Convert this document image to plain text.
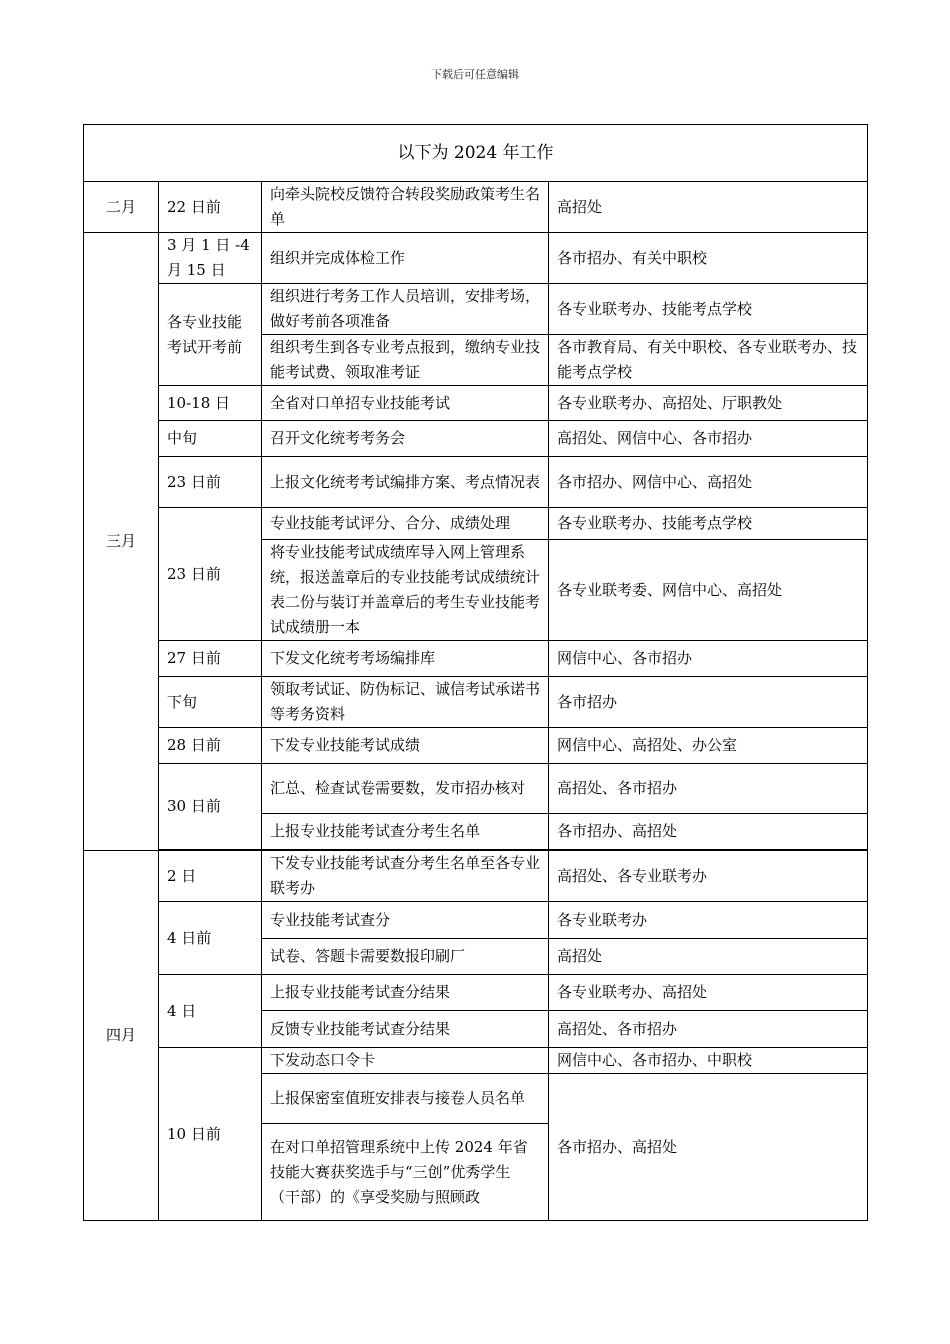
下载后可任意编辑
以下为 2024 年工作			
二月	22 日前	向牵头院校反馈符合转段奖励政策考生名单	高招处
三月	3 月 1 日 -4 月 15 日	组织并完成体检工作	各市招办、有关中职校
	各专业技能考试开考前	组织进行考务工作人员培训，安排考场，做好考前各项准备	各专业联考办、技能考点学校
		组织考生到各专业考点报到，缴纳专业技能考试费、领取准考证	各市教育局、有关中职校、各专业联考办、技能考点学校
	10-18 日	全省对口单招专业技能考试	各专业联考办、高招处、厅职教处
	中旬	召开文化统考考务会	高招处、网信中心、各市招办
	23 日前	上报文化统考考试编排方案、考点情况表	各市招办、网信中心、高招处
	23 日前	专业技能考试评分、合分、成绩处理	各专业联考办、技能考点学校
		将专业技能考试成绩库导入网上管理系统，报送盖章后的专业技能考试成绩统计表二份与装订并盖章后的考生专业技能考试成绩册一本	各专业联考委、网信中心、高招处
	27 日前	下发文化统考考场编排库	网信中心、各市招办
	下旬	领取考试证、防伪标记、诚信考试承诺书等考务资料	各市招办
	28 日前	下发专业技能考试成绩	网信中心、高招处、办公室
	30 日前	汇总、检查试卷需要数，发市招办核对	高招处、各市招办
		上报专业技能考试查分考生名单	各市招办、高招处

四月	2 日	下发专业技能考试查分考生名单至各专业联考办	高招处、各专业联考办
	4 日前	专业技能考试查分	各专业联考办
		试卷、答题卡需要数报印刷厂	高招处
	4 日	上报专业技能考试查分结果	各专业联考办、高招处
		反馈专业技能考试查分结果	高招处、各市招办
	10 日前	下发动态口令卡	网信中心、各市招办、中职校
		上报保密室值班安排表与接卷人员名单	各市招办、高招处
		在对口单招管理系统中上传 2024 年省技能大赛获奖选手与“三创”优秀学生（干部）的《享受奖励与照顾政	
